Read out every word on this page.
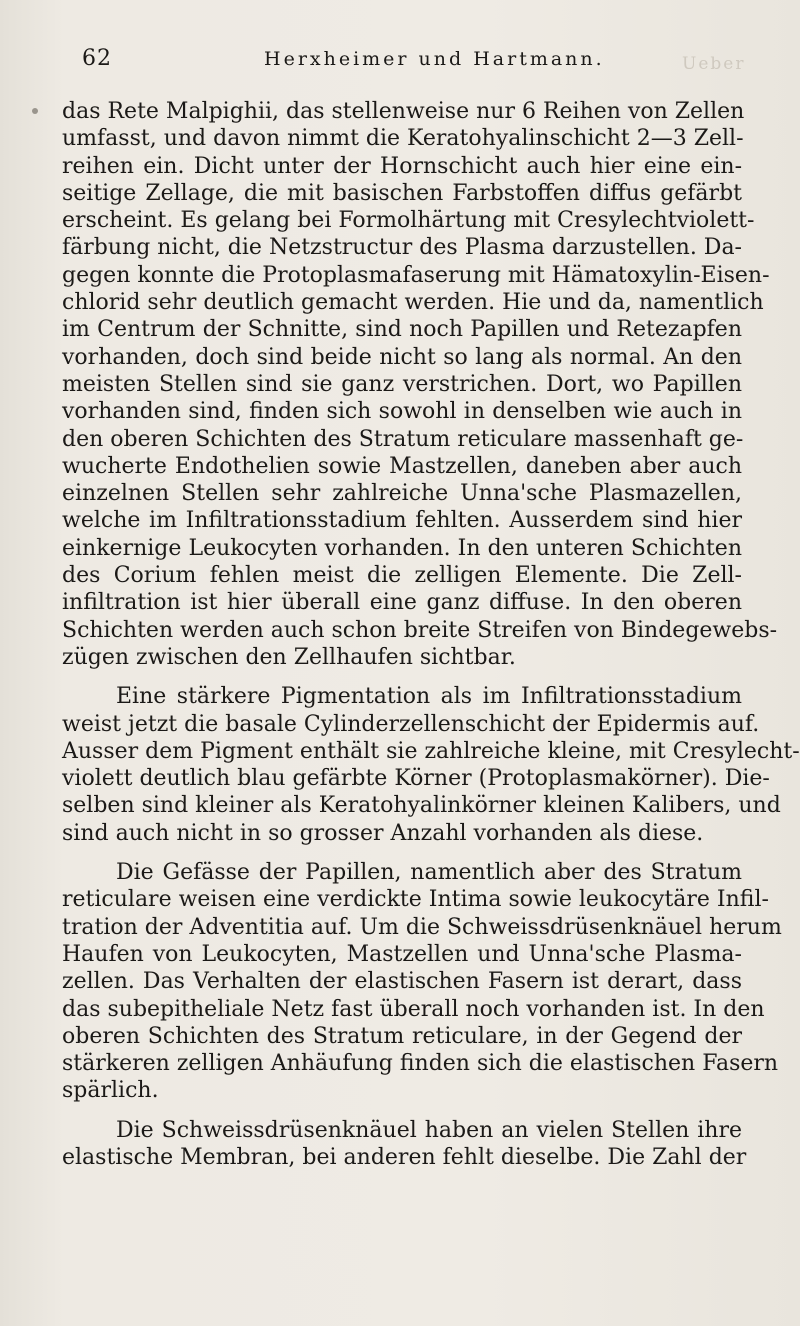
62	Herxheimer und Hartmann.	Ueber

das Rete Malpighii, das stellenweise nur 6 Reihen von Zellen
umfasst, und davon nimmt die Keratohyalinschicht 2—3 Zell-
reihen ein. Dicht unter der Hornschicht auch hier eine ein-
seitige Zellage, die mit basischen Farbstoffen diffus gefärbt
erscheint. Es gelang bei Formolhärtung mit Cresylechtviolett-
färbung nicht, die Netzstructur des Plasma darzustellen. Da-
gegen konnte die Protoplasmafaserung mit Hämatoxylin-Eisen-
chlorid sehr deutlich gemacht werden. Hie und da, namentlich
im Centrum der Schnitte, sind noch Papillen und Retezapfen
vorhanden, doch sind beide nicht so lang als normal. An den
meisten Stellen sind sie ganz verstrichen. Dort, wo Papillen
vorhanden sind, finden sich sowohl in denselben wie auch in
den oberen Schichten des Stratum reticulare massenhaft ge-
wucherte Endothelien sowie Mastzellen, daneben aber auch
einzelnen Stellen sehr zahlreiche Unna'sche Plasmazellen,
welche im Infiltrationsstadium fehlten. Ausserdem sind hier
einkernige Leukocyten vorhanden. In den unteren Schichten
des Corium fehlen meist die zelligen Elemente. Die Zell-
infiltration ist hier überall eine ganz diffuse. In den oberen
Schichten werden auch schon breite Streifen von Bindegewebs-
zügen zwischen den Zellhaufen sichtbar.

Eine stärkere Pigmentation als im Infiltrationsstadium
weist jetzt die basale Cylinderzellenschicht der Epidermis auf.
Ausser dem Pigment enthält sie zahlreiche kleine, mit Cresylecht-
violett deutlich blau gefärbte Körner (Protoplasmakörner). Die-
selben sind kleiner als Keratohyalinkörner kleinen Kalibers, und
sind auch nicht in so grosser Anzahl vorhanden als diese.

Die Gefässe der Papillen, namentlich aber des Stratum
reticulare weisen eine verdickte Intima sowie leukocytäre Infil-
tration der Adventitia auf. Um die Schweissdrüsenknäuel herum
Haufen von Leukocyten, Mastzellen und Unna'sche Plasma-
zellen. Das Verhalten der elastischen Fasern ist derart, dass
das subepitheliale Netz fast überall noch vorhanden ist. In den
oberen Schichten des Stratum reticulare, in der Gegend der
stärkeren zelligen Anhäufung finden sich die elastischen Fasern
spärlich.

Die Schweissdrüsenknäuel haben an vielen Stellen ihre
elastische Membran, bei anderen fehlt dieselbe. Die Zahl der
